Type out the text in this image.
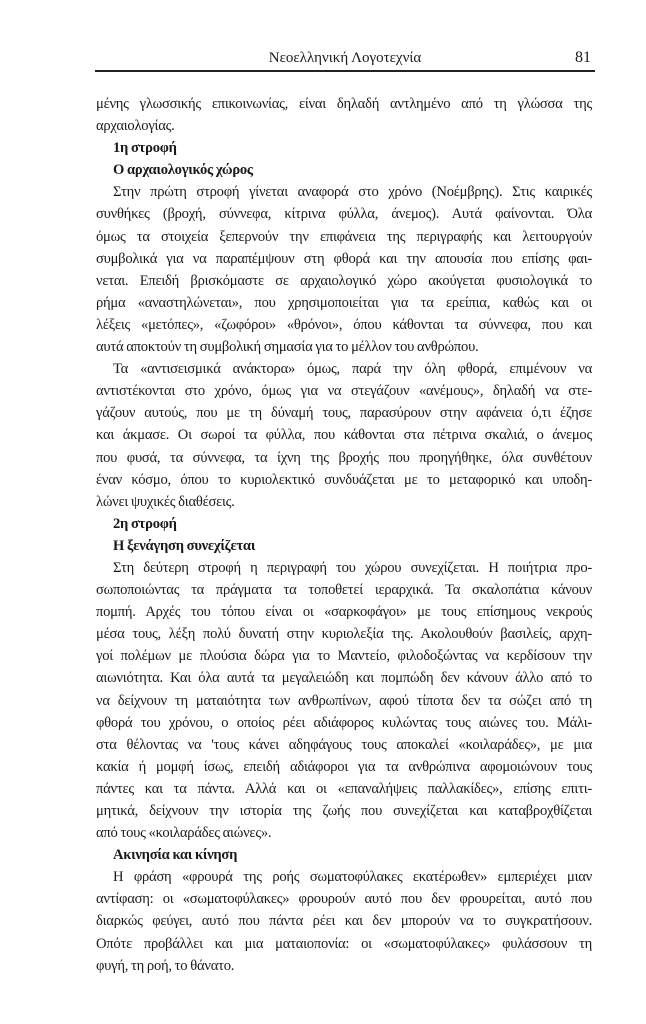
Νεοελληνική Λογοτεχνία	81
μένης γλωσσικής επικοινωνίας, είναι δηλαδή αντλημένο από τη γλώσσα της
αρχαιολογίας.
1η στροφή
Ο αρχαιολογικός χώρος
Στην πρώτη στροφή γίνεται αναφορά στο χρόνο (Νοέμβρης). Στις καιρικές
συνθήκες (βροχή, σύννεφα, κίτρινα φύλλα, άνεμος). Αυτά φαίνονται. Όλα
όμως τα στοιχεία ξεπερνούν την επιφάνεια της περιγραφής και λειτουργούν
συμβολικά για να παραπέμψουν στη φθορά και την απουσία που επίσης φαι-
νεται. Επειδή βρισκόμαστε σε αρχαιολογικό χώρο ακούγεται φυσιολογικά το
ρήμα «αναστηλώνεται», που χρησιμοποιείται για τα ερείπια, καθώς και οι
λέξεις «μετόπες», «ζωφόροι» «θρόνοι», όπου κάθονται τα σύννεφα, που και
αυτά αποκτούν τη συμβολική σημασία για το μέλλον του ανθρώπου.
Τα «αντισεισμικά ανάκτορα» όμως, παρά την όλη φθορά, επιμένουν να
αντιστέκονται στο χρόνο, όμως για να στεγάζουν «ανέμους», δηλαδή να στε-
γάζουν αυτούς, που με τη δύναμή τους, παρασύρουν στην αφάνεια ό,τι έζησε
και άκμασε. Οι σωροί τα φύλλα, που κάθονται στα πέτρινα σκαλιά, ο άνεμος
που φυσά, τα σύννεφα, τα ίχνη της βροχής που προηγήθηκε, όλα συνθέτουν
έναν κόσμο, όπου το κυριολεκτικό συνδυάζεται με το μεταφορικό και υποδη-
λώνει ψυχικές διαθέσεις.
2η στροφή
Η ξενάγηση συνεχίζεται
Στη δεύτερη στροφή η περιγραφή του χώρου συνεχίζεται. Η ποιήτρια προ-
σωποποιώντας τα πράγματα τα τοποθετεί ιεραρχικά. Τα σκαλοπάτια κάνουν
πομπή. Αρχές του τόπου είναι οι «σαρκοφάγοι» με τους επίσημους νεκρούς
μέσα τους, λέξη πολύ δυνατή στην κυριολεξία της. Ακολουθούν βασιλείς, αρχη-
γοί πολέμων με πλούσια δώρα για το Μαντείο, φιλοδοξώντας να κερδίσουν την
αιωνιότητα. Και όλα αυτά τα μεγαλειώδη και πομπώδη δεν κάνουν άλλο από το
να δείχνουν τη ματαιότητα των ανθρωπίνων, αφού τίποτα δεν τα σώζει από τη
φθορά του χρόνου, ο οποίος ρέει αδιάφορος κυλώντας τους αιώνες του. Μάλι-
στα θέλοντας να 'τους κάνει αδηφάγους τους αποκαλεί «κοιλαράδες», με μια
κακία ή μομφή ίσως, επειδή αδιάφοροι για τα ανθρώπινα αφομοιώνουν τους
πάντες και τα πάντα. Αλλά και οι «επαναλήψεις παλλακίδες», επίσης επιτι-
μητικά, δείχνουν την ιστορία της ζωής που συνεχίζεται και καταβροχθίζεται
από τους «κοιλαράδες αιώνες».
Ακινησία και κίνηση
Η φράση «φρουρά της ροής σωματοφύλακες εκατέρωθεν» εμπεριέχει μιαν
αντίφαση: οι «σωματοφύλακες» φρουρούν αυτό που δεν φρουρείται, αυτό που
διαρκώς φεύγει, αυτό που πάντα ρέει και δεν μπορούν να το συγκρατήσουν.
Οπότε προβάλλει και μια ματαιοπονία: οι «σωματοφύλακες» φυλάσσουν τη
φυγή, τη ροή, το θάνατο.
